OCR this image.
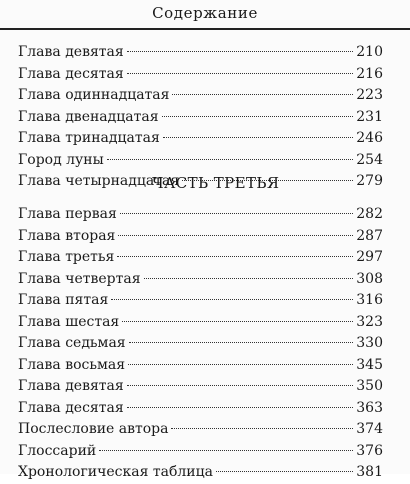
Содержание
Глава девятая	210
Глава десятая	216
Глава одиннадцатая	223
Глава двенадцатая	231
Глава тринадцатая	246
Город луны	254
Глава четырнадцатая	279
ЧАСТЬ ТРЕТЬЯ
Глава первая	282
Глава вторая	287
Глава третья	297
Глава четвертая	308
Глава пятая	316
Глава шестая	323
Глава седьмая	330
Глава восьмая	345
Глава девятая	350
Глава десятая	363
Послесловие автора	374
Глоссарий	376
Хронологическая таблица	381
